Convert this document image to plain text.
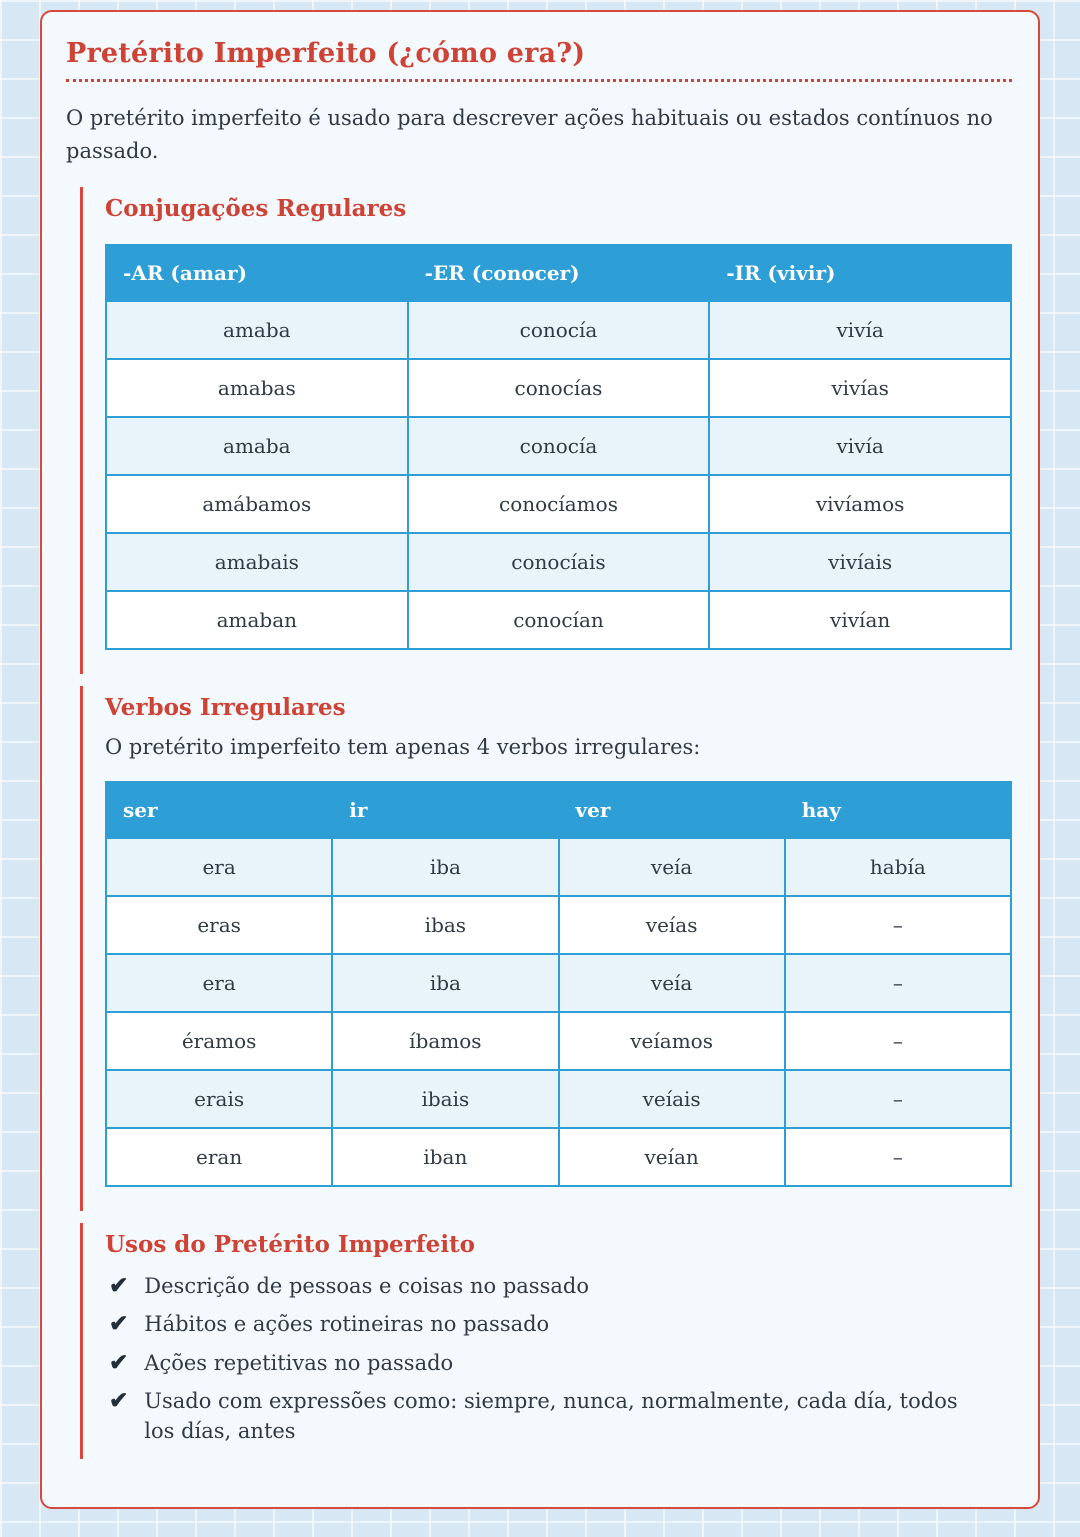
Pretérito Imperfeito (¿cómo era?)

O pretérito imperfeito é usado para descrever ações habituais ou estados contínuos no passado.

Conjugações Regulares
-AR (amar)	-ER (conocer)	-IR (vivir)
amaba	conocía	vivía
amabas	conocías	vivías
amaba	conocía	vivía
amábamos	conocíamos	vivíamos
amabais	conocíais	vivíais
amaban	conocían	vivían
Verbos Irregulares

O pretérito imperfeito tem apenas 4 verbos irregulares:

ser	ir	ver	hay
era	iba	veía	había
eras	ibas	veías	–
era	iba	veía	–
éramos	íbamos	veíamos	–
erais	ibais	veíais	–
eran	iban	veían	–
Usos do Pretérito Imperfeito
✔ Descrição de pessoas e coisas no passado
✔ Hábitos e ações rotineiras no passado
✔ Ações repetitivas no passado
✔ Usado com expressões como: siempre, nunca, normalmente, cada día, todos los días, antes
